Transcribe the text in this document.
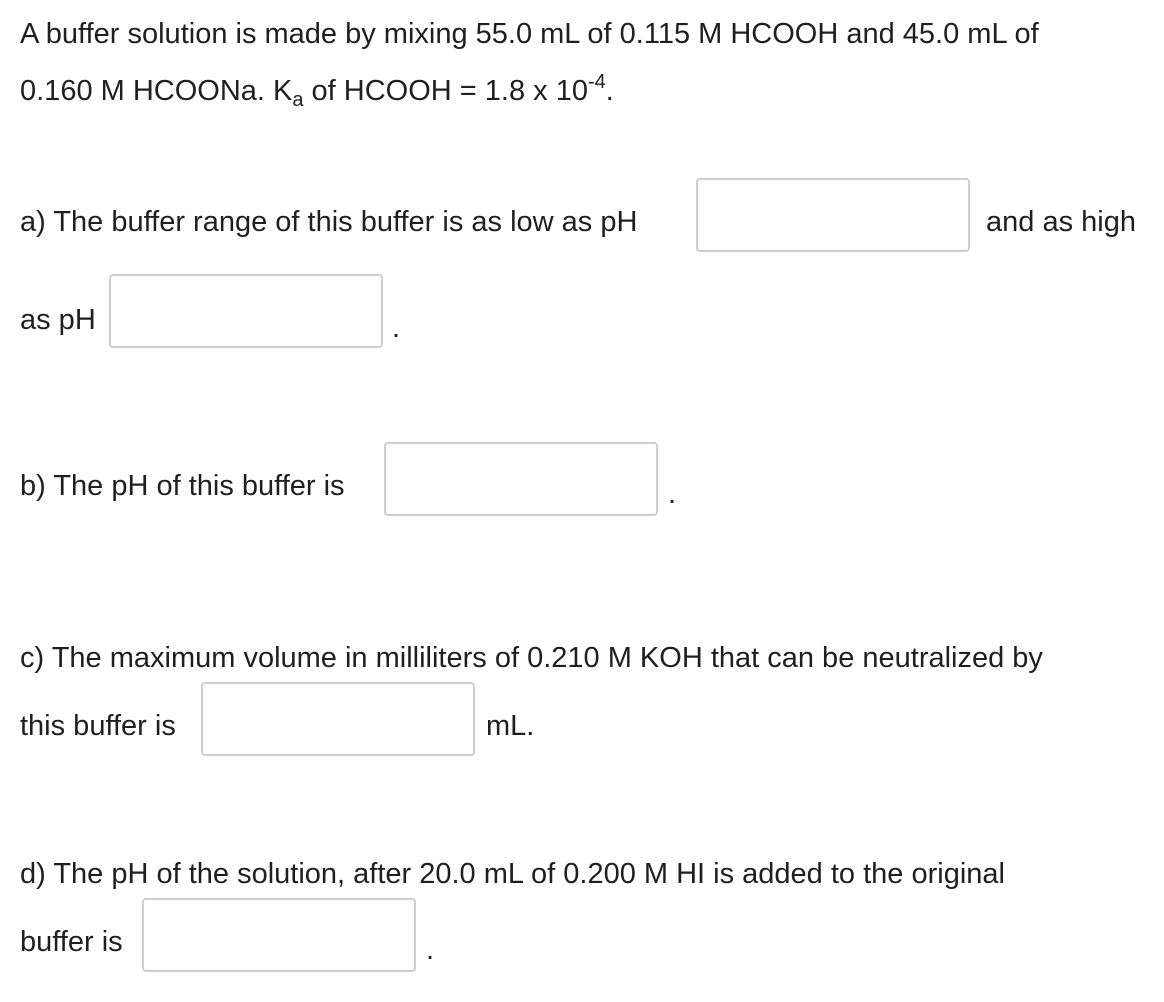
A buffer solution is made by mixing 55.0 mL of 0.115 M HCOOH and 45.0 mL of
0.160 M HCOONa. $K_a$ of HCOOH = 1.8 x $10^{-4}$.
a) The buffer range of this buffer is as low as pH	and as high
as pH	.
b) The pH of this buffer is	.
c) The maximum volume in milliliters of 0.210 M KOH that can be neutralized by
this buffer is	mL.
d) The pH of the solution, after 20.0 mL of 0.200 M HI is added to the original
buffer is	.
